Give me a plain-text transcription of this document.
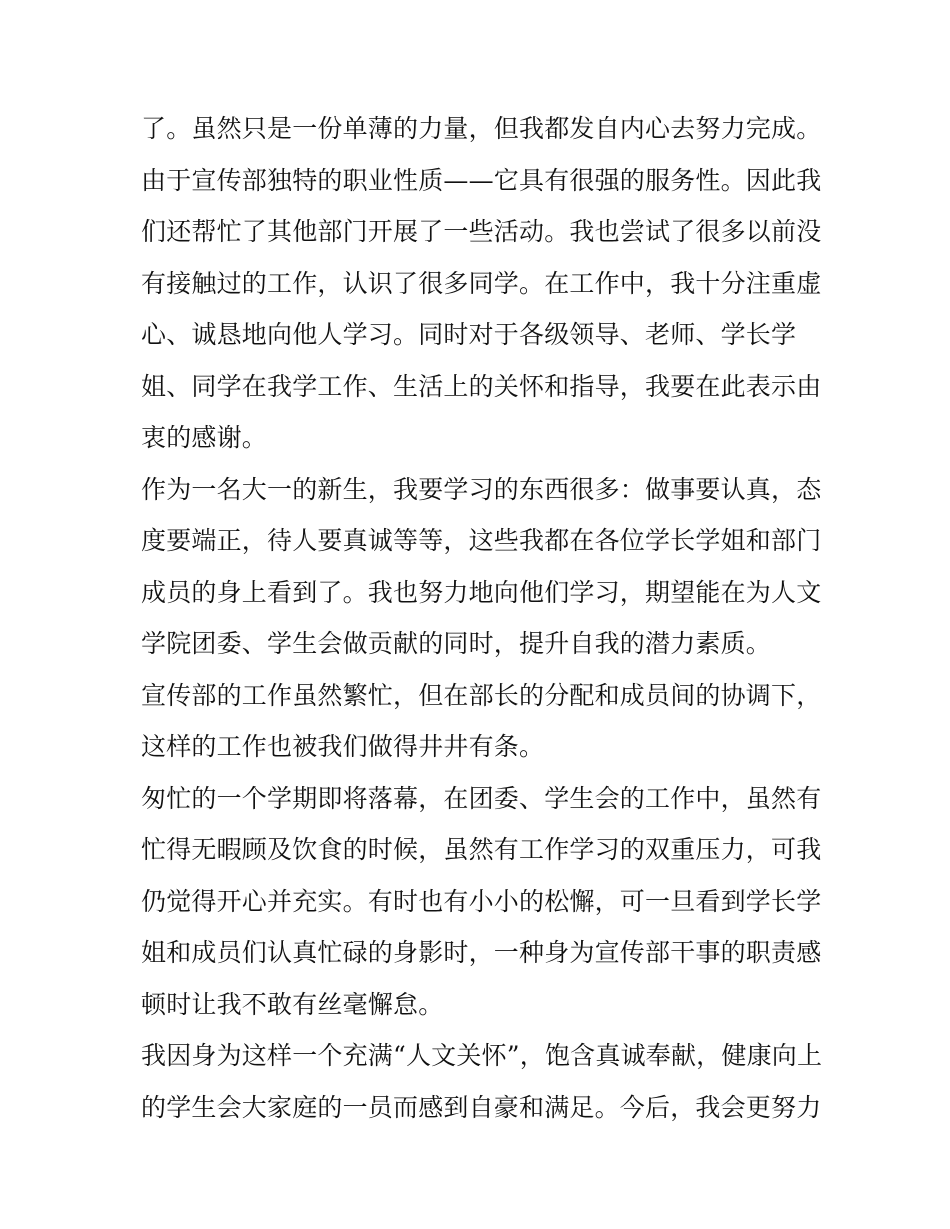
了。虽然只是一份单薄的力量，但我都发自内心去努力完成。
由于宣传部独特的职业性质——它具有很强的服务性。因此我
们还帮忙了其他部门开展了一些活动。我也尝试了很多以前没
有接触过的工作，认识了很多同学。在工作中，我十分注重虚
心、诚恳地向他人学习。同时对于各级领导、老师、学长学
姐、同学在我学工作、生活上的关怀和指导，我要在此表示由
衷的感谢。
作为一名大一的新生，我要学习的东西很多：做事要认真，态
度要端正，待人要真诚等等，这些我都在各位学长学姐和部门
成员的身上看到了。我也努力地向他们学习，期望能在为人文
学院团委、学生会做贡献的同时，提升自我的潜力素质。
宣传部的工作虽然繁忙，但在部长的分配和成员间的协调下，
这样的工作也被我们做得井井有条。
匆忙的一个学期即将落幕，在团委、学生会的工作中，虽然有
忙得无暇顾及饮食的时候，虽然有工作学习的双重压力，可我
仍觉得开心并充实。有时也有小小的松懈，可一旦看到学长学
姐和成员们认真忙碌的身影时，一种身为宣传部干事的职责感
顿时让我不敢有丝毫懈怠。
我因身为这样一个充满“人文关怀”，饱含真诚奉献，健康向上
的学生会大家庭的一员而感到自豪和满足。今后，我会更努力
